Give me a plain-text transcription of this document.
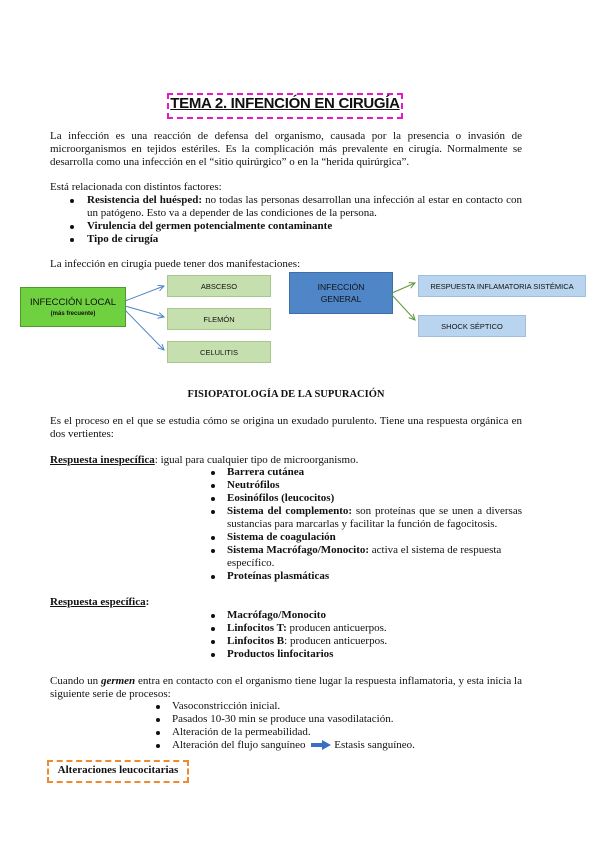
TEMA 2. INFENCIÓN EN CIRUGÍA
La infección es una reacción de defensa del organismo, causada por la presencia o invasión de microorganismos en tejidos estériles. Es la complicación más prevalente en cirugía. Normalmente se desarrolla como una infección en el “sitio quirúrgico” o en la “herida quirúrgica”.
Está relacionada con distintos factores:
Resistencia del huésped: no todas las personas desarrollan una infección al estar en contacto con un patógeno. Esto va a depender de las condiciones de la persona.
Virulencia del germen potencialmente contaminante
Tipo de cirugía
La infección en cirugía puede tener dos manifestaciones:
INFECCIÓN LOCAL
(más frecuente)
ABSCESO
FLEMÓN
CELULITIS
INFECCIÓN GENERAL
RESPUESTA INFLAMATORIA SISTÉMICA
SHOCK SÉPTICO
FISIOPATOLOGÍA DE LA SUPURACIÓN
Es el proceso en el que se estudia cómo se origina un exudado purulento. Tiene una respuesta orgánica en dos vertientes:
Respuesta inespecífica: igual para cualquier tipo de microorganismo.
Barrera cutánea
Neutrófilos
Eosinófilos (leucocitos)
Sistema del complemento: son proteínas que se unen a diversas sustancias para marcarlas y facilitar la función de fagocitosis.
Sistema de coagulación
Sistema Macrófago/Monocito: activa el sistema de respuesta específico.
Proteínas plasmáticas
Respuesta específica:
Macrófago/Monocito
Linfocitos T: producen anticuerpos.
Linfocitos B: producen anticuerpos.
Productos linfocitarios
Cuando un germen entra en contacto con el organismo tiene lugar la respuesta inflamatoria, y esta inicia la siguiente serie de procesos:
Vasoconstricción inicial.
Pasados 10-30 min se produce una vasodilatación.
Alteración de la permeabilidad.
Alteración del flujo sanguíneo	Estasis sanguíneo.
Alteraciones leucocitarias
